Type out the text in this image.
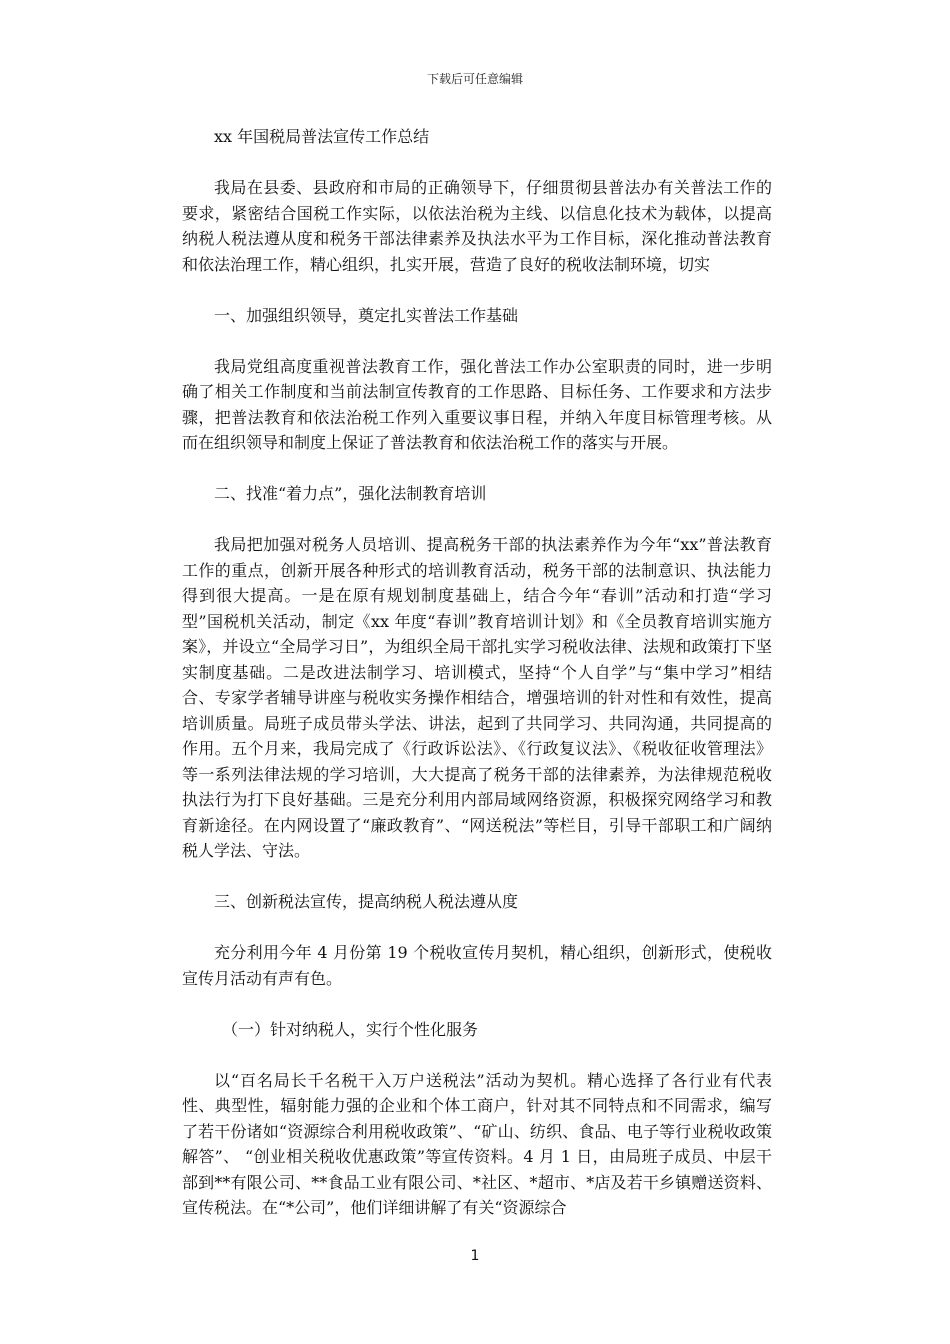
下载后可任意编辑

xx 年国税局普法宣传工作总结

我局在县委、县政府和市局的正确领导下，仔细贯彻县普法办有关普法工作的要求，紧密结合国税工作实际，以依法治税为主线、以信息化技术为载体，以提高纳税人税法遵从度和税务干部法律素养及执法水平为工作目标，深化推动普法教育和依法治理工作，精心组织，扎实开展，营造了良好的税收法制环境，切实

一、加强组织领导，奠定扎实普法工作基础

我局党组高度重视普法教育工作，强化普法工作办公室职责的同时，进一步明确了相关工作制度和当前法制宣传教育的工作思路、目标任务、工作要求和方法步骤，把普法教育和依法治税工作列入重要议事日程，并纳入年度目标管理考核。从而在组织领导和制度上保证了普法教育和依法治税工作的落实与开展。

二、找准“着力点”，强化法制教育培训

我局把加强对税务人员培训、提高税务干部的执法素养作为今年“xx”普法教育工作的重点，创新开展各种形式的培训教育活动，税务干部的法制意识、执法能力得到很大提高。一是在原有规划制度基础上，结合今年“春训”活动和打造“学习型”国税机关活动，制定《xx 年度“春训”教育培训计划》和《全员教育培训实施方案》，并设立“全局学习日”，为组织全局干部扎实学习税收法律、法规和政策打下坚实制度基础。二是改进法制学习、培训模式，坚持“个人自学”与“集中学习”相结合、专家学者辅导讲座与税收实务操作相结合，增强培训的针对性和有效性，提高培训质量。局班子成员带头学法、讲法，起到了共同学习、共同沟通，共同提高的作用。五个月来，我局完成了《行政诉讼法》、《行政复议法》、《税收征收管理法》等一系列法律法规的学习培训，大大提高了税务干部的法律素养，为法律规范税收执法行为打下良好基础。三是充分利用内部局域网络资源，积极探究网络学习和教育新途径。在内网设置了“廉政教育”、“网送税法”等栏目，引导干部职工和广阔纳税人学法、守法。

三、创新税法宣传，提高纳税人税法遵从度

充分利用今年 4 月份第 19 个税收宣传月契机，精心组织，创新形式，使税收宣传月活动有声有色。

（一）针对纳税人，实行个性化服务

以“百名局长千名税干入万户送税法”活动为契机。精心选择了各行业有代表性、典型性，辐射能力强的企业和个体工商户，针对其不同特点和不同需求，编写了若干份诸如“资源综合利用税收政策”、“矿山、纺织、食品、电子等行业税收政策解答”、 “创业相关税收优惠政策”等宣传资料。4 月 1 日，由局班子成员、中层干部到**有限公司、**食品工业有限公司、*社区、*超市、*店及若干乡镇赠送资料、宣传税法。在“*公司”，他们详细讲解了有关“资源综合

1
